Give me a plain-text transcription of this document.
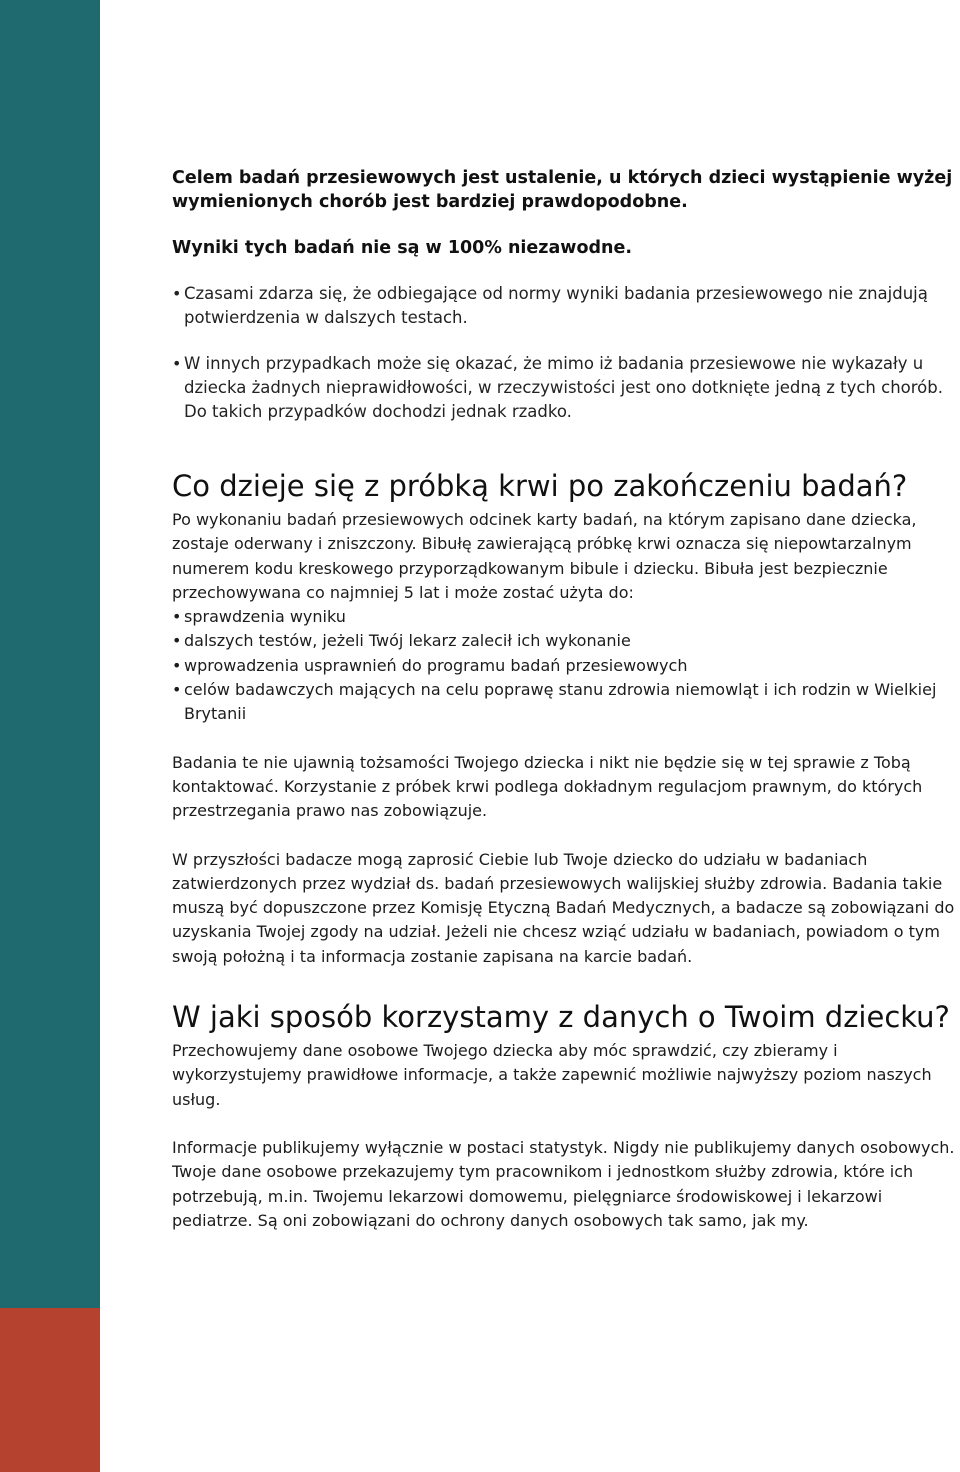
Celem badań przesiewowych jest ustalenie, u których dzieci wystąpienie wyżej wymienionych chorób jest bardziej prawdopodobne.

Wyniki tych badań nie są w 100% niezawodne.

• Czasami zdarza się, że odbiegające od normy wyniki badania przesiewowego nie znajdują potwierdzenia w dalszych testach.
• W innych przypadkach może się okazać, że mimo iż badania przesiewowe nie wykazały u dziecka żadnych nieprawidłowości, w rzeczywistości jest ono dotknięte jedną z tych chorób. Do takich przypadków dochodzi jednak rzadko.
Co dzieje się z próbką krwi po zakończeniu badań?

Po wykonaniu badań przesiewowych odcinek karty badań, na którym zapisano dane dziecka, zostaje oderwany i zniszczony. Bibułę zawierającą próbkę krwi oznacza się niepowtarzalnym numerem kodu kreskowego przyporządkowanym bibule i dziecku. Bibuła jest bezpiecznie przechowywana co najmniej 5 lat i może zostać użyta do:

• sprawdzenia wyniku
• dalszych testów, jeżeli Twój lekarz zalecił ich wykonanie
• wprowadzenia usprawnień do programu badań przesiewowych
• celów badawczych mających na celu poprawę stanu zdrowia niemowląt i ich rodzin w Wielkiej Brytanii

Badania te nie ujawnią tożsamości Twojego dziecka i nikt nie będzie się w tej sprawie z Tobą kontaktować. Korzystanie z próbek krwi podlega dokładnym regulacjom prawnym, do których przestrzegania prawo nas zobowiązuje.

W przyszłości badacze mogą zaprosić Ciebie lub Twoje dziecko do udziału w badaniach zatwierdzonych przez wydział ds. badań przesiewowych walijskiej służby zdrowia. Badania takie muszą być dopuszczone przez Komisję Etyczną Badań Medycznych, a badacze są zobowiązani do uzyskania Twojej zgody na udział. Jeżeli nie chcesz wziąć udziału w badaniach, powiadom o tym swoją położną i ta informacja zostanie zapisana na karcie badań.

W jaki sposób korzystamy z danych o Twoim dziecku?

Przechowujemy dane osobowe Twojego dziecka aby móc sprawdzić, czy zbieramy i wykorzystujemy prawidłowe informacje, a także zapewnić możliwie najwyższy poziom naszych usług.

Informacje publikujemy wyłącznie w postaci statystyk. Nigdy nie publikujemy danych osobowych. Twoje dane osobowe przekazujemy tym pracownikom i jednostkom służby zdrowia, które ich potrzebują, m.in. Twojemu lekarzowi domowemu, pielęgniarce środowiskowej i lekarzowi pediatrze. Są oni zobowiązani do ochrony danych osobowych tak samo, jak my.
